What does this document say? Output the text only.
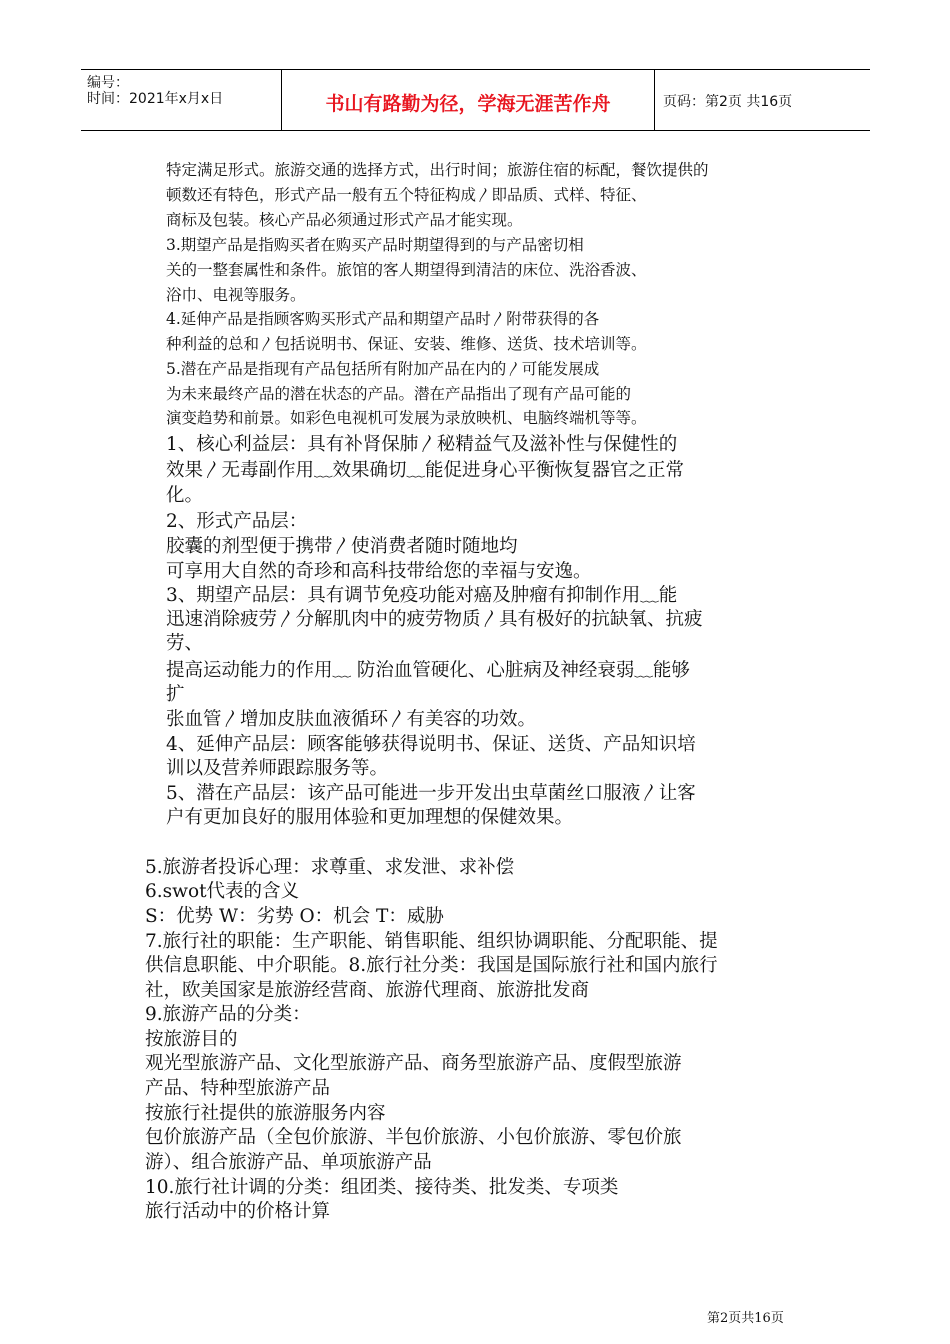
编号：
时间：2021年x月x日	书山有路勤为径，学海无涯苦作舟	页码：第2页 共16页
特定满足形式。旅游交通的选择方式，出行时间；旅游住宿的标配，餐饮提供的
顿数还有特色，形式产品一般有五个特征构成〳即品质、式样、特征、
商标及包装。核心产品必须通过形式产品才能实现。
3.期望产品是指购买者在购买产品时期望得到的与产品密切相
关的一整套属性和条件。旅馆的客人期望得到清洁的床位、洗浴香波、
浴巾、电视等服务。
4.延伸产品是指顾客购买形式产品和期望产品时〳附带获得的各
种利益的总和〳包括说明书、保证、安装、维修、送货、技术培训等。
5.潜在产品是指现有产品包括所有附加产品在内的〳可能发展成
为未来最终产品的潜在状态的产品。潜在产品指出了现有产品可能的
演变趋势和前景。如彩色电视机可发展为录放映机、电脑终端机等等。
1、核心利益层：具有补肾保肺〳秘精益气及滋补性与保健性的
效果〳无毒副作用﹏效果确切﹏能促进身心平衡恢复器官之正常
化。
2、形式产品层：
胶囊的剂型便于携带〳使消费者随时随地均
可享用大自然的奇珍和高科技带给您的幸福与安逸。
3、期望产品层：具有调节免疫功能对癌及肿瘤有抑制作用﹏能
迅速消除疲劳〳分解肌肉中的疲劳物质〳具有极好的抗缺氧、抗疲
劳、
提高运动能力的作用﹏ 防治血管硬化、心脏病及神经衰弱﹏能够
扩
张血管〳增加皮肤血液循环〳有美容的功效。
4、延伸产品层：顾客能够获得说明书、保证、送货、产品知识培
训以及营养师跟踪服务等。
5、潜在产品层：该产品可能进一步开发出虫草菌丝口服液〳让客
户有更加良好的服用体验和更加理想的保健效果。
5.旅游者投诉心理：求尊重、求发泄、求补偿
6.swot代表的含义
S：优势 W：劣势 O：机会 T：威胁
7.旅行社的职能：生产职能、销售职能、组织协调职能、分配职能、提
供信息职能、中介职能。8.旅行社分类：我国是国际旅行社和国内旅行
社，欧美国家是旅游经营商、旅游代理商、旅游批发商
9.旅游产品的分类：
按旅游目的
观光型旅游产品、文化型旅游产品、商务型旅游产品、度假型旅游
产品、特种型旅游产品
按旅行社提供的旅游服务内容
包价旅游产品（全包价旅游、半包价旅游、小包价旅游、零包价旅
游）、组合旅游产品、单项旅游产品
10.旅行社计调的分类：组团类、接待类、批发类、专项类
旅行活动中的价格计算
第2页共16页
